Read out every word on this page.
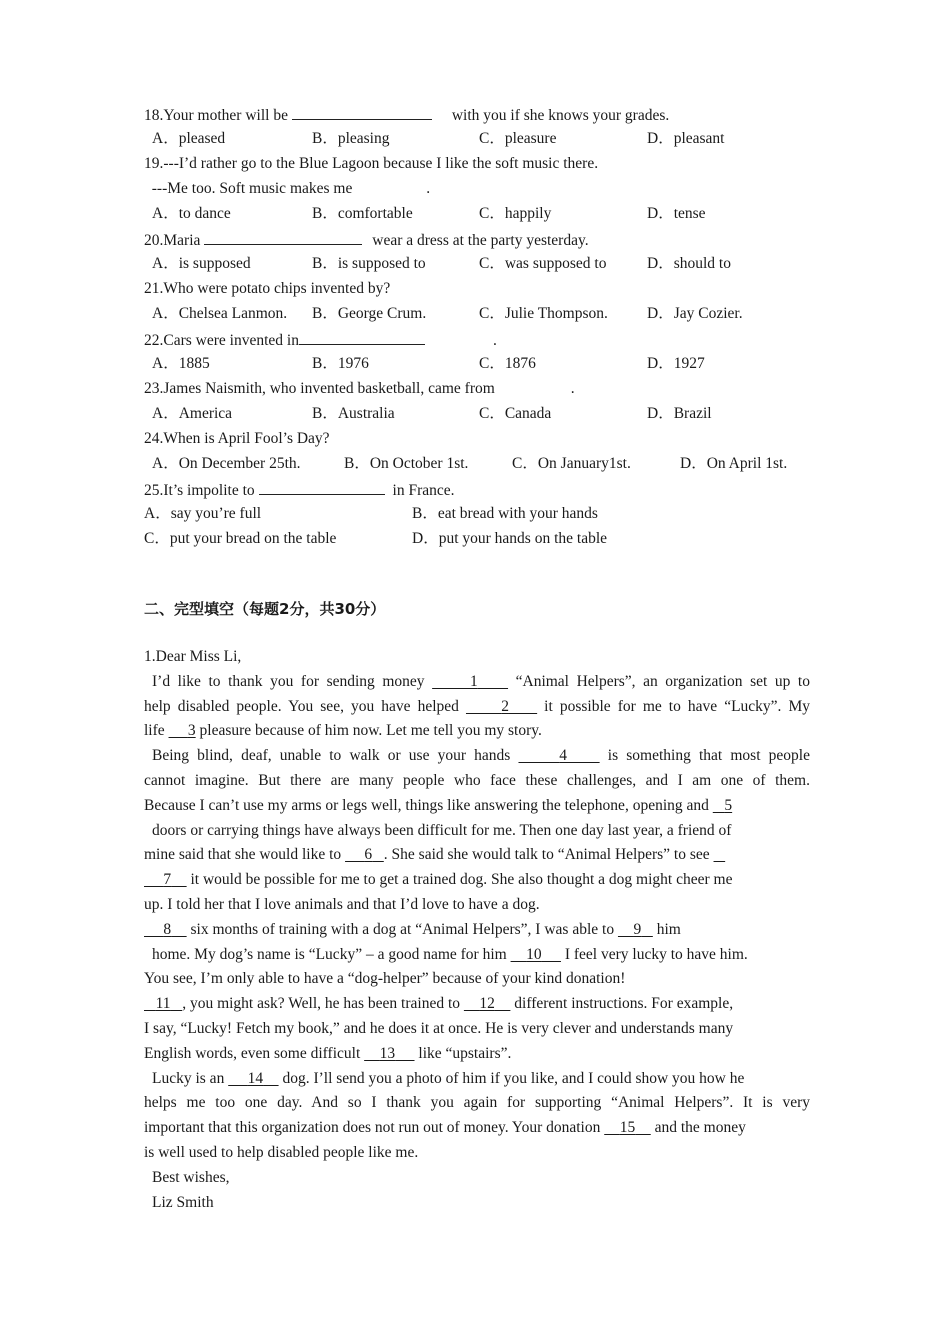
18.Your mother will be	with you if she knows your grades.
A．pleased	B．pleasing	C．pleasure	D．pleasant
19.---I’d rather go to the Blue Lagoon because I like the soft music there.
---Me too. Soft music makes me	.
A．to dance	B．comfortable	C．happily	D．tense
20.Maria	wear a dress at the party yesterday.
A．is supposed	B．is supposed to	C．was supposed to	D．should to
21.Who were potato chips invented by?
A．Chelsea Lanmon. B．George Crum.	C．Julie Thompson.	D．Jay Cozier.
22.Cars were invented in	.
A．1885	B．1976	C．1876	D．1927
23.James Naismith, who invented basketball, came from	.
A．America	B．Australia	C．Canada	D．Brazil
24.When is April Fool’s Day?
A．On December 25th.	B．On October 1st.	C．On January1st.	D．On April 1st.
25.It’s impolite to	in France.
A．say you’re full	B．eat bread with your hands
C．put your bread on the table	D．put your hands on the table
二、完型填空（每题2分，共30分）
1.Dear Miss Li,
I’d like to thank you for sending money      1     “Animal Helpers”, an organization set up to
help disabled people. You see, you have helped      2     it possible for me to have “Lucky”. My
life      3 pleasure because of him now. Let me tell you my story.
Being blind, deaf, unable to walk or use your hands	4     is something that most people
cannot imagine. But there are many people who face these challenges, and I am one of them.
Because I can’t use my arms or legs well, things like answering the telephone, opening and    5
doors or carrying things have always been difficult for me. Then one day last year, a friend of
mine said that she would like to      6 . She said she would talk to “Animal Helpers” to see
7     it would be possible for me to get a trained dog. She also thought a dog might cheer me
up. I told her that I love animals and that I’d love to have a dog.
8     six months of training with a dog at “Animal Helpers”, I was able to     9    him
home. My dog’s name is “Lucky” – a good name for him     10      I feel very lucky to have him.
You see, I’m only able to have a “dog-helper” because of your kind donation!
11 , you might ask? Well, he has been trained to     12     different instructions. For example,
I say, “Lucky! Fetch my book,” and he does it at once. He is very clever and understands many
English words, even some difficult     13      like “upstairs”.
Lucky is an      14     dog. I’ll send you a photo of him if you like, and I could show you how he
helps me too one day. And so I thank you again for supporting “Animal Helpers”. It is very
important that this organization does not run out of money. Your donation     15     and the money
is well used to help disabled people like me.
Best wishes,
Liz Smith
